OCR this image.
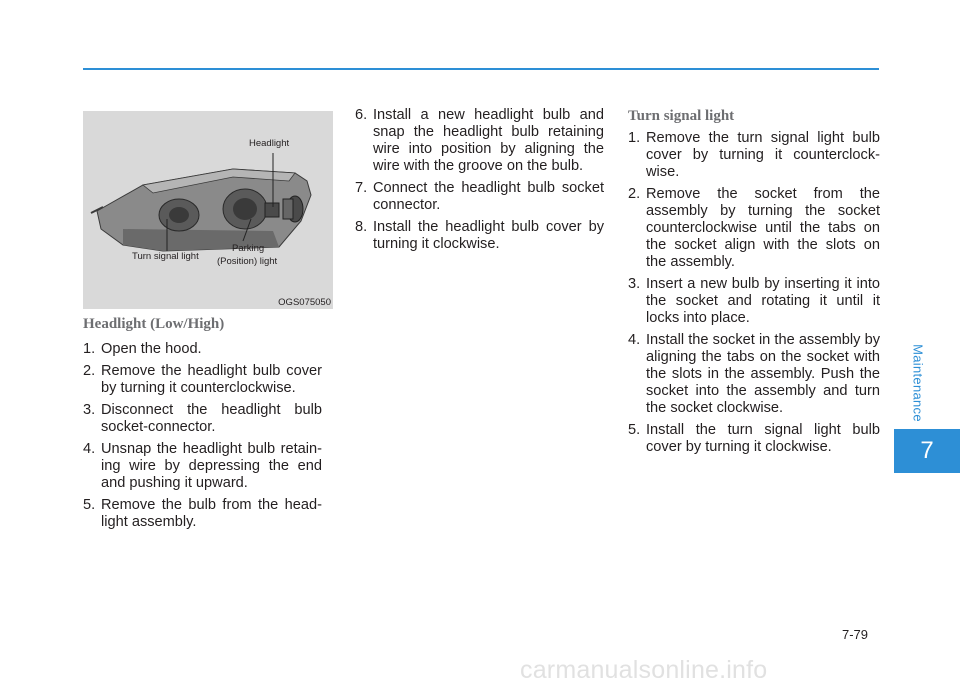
Headlight
Parking
(Position) light
Turn signal light
OGS075050
Headlight (Low/High)
1. Open the hood.
2. Remove the headlight bulb cover by turning it counterclockwise.
3. Disconnect the headlight bulb socket-connector.
4. Unsnap the headlight bulb retain-ing wire by depressing the end and pushing it upward.
5. Remove the bulb from the head-light assembly.
6. Install a new headlight bulb and snap the headlight bulb retaining wire into position by aligning the wire with the groove on the bulb.
7. Connect the headlight bulb socket connector.
8. Install the headlight bulb cover by turning it clockwise.
Turn signal light
1. Remove the turn signal light bulb cover by turning it counterclock-wise.
2. Remove the socket from the assembly by turning the socket counterclockwise until the tabs on the socket align with the slots on the assembly.
3. Insert a new bulb by inserting it into the socket and rotating it until it locks into place.
4. Install the socket in the assembly by aligning the tabs on the socket with the slots in the assembly. Push the socket into the assembly and turn the socket clockwise.
5. Install the turn signal light bulb cover by turning it clockwise.
Maintenance
7
7-79
carmanualsonline.info
